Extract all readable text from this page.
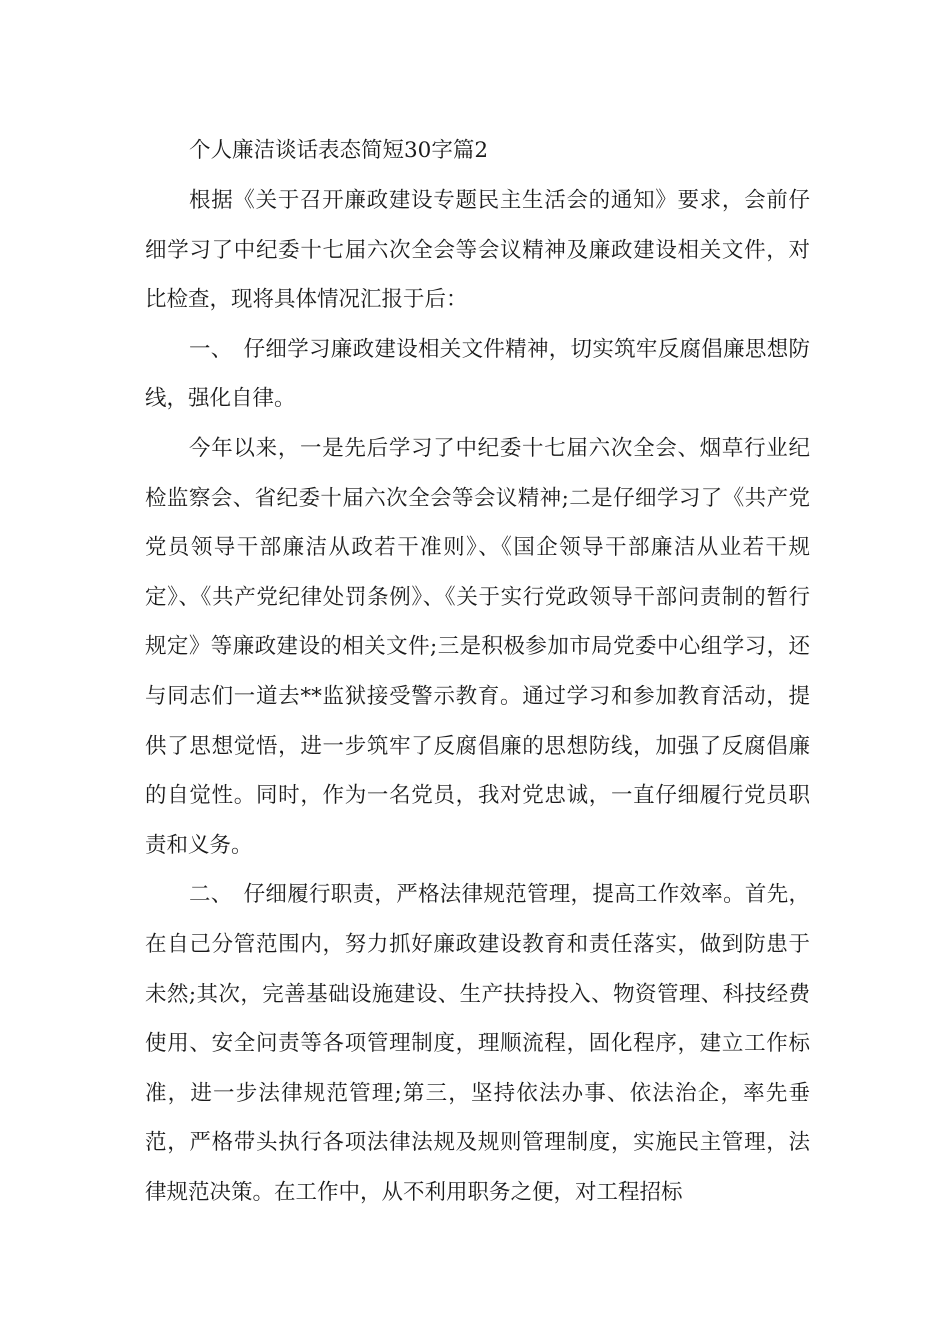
个人廉洁谈话表态简短30字篇2

根据《关于召开廉政建设专题民主生活会的通知》要求，会前仔细学习了中纪委十七届六次全会等会议精神及廉政建设相关文件，对比检查，现将具体情况汇报于后：

一、　仔细学习廉政建设相关文件精神，切实筑牢反腐倡廉思想防线，强化自律。

今年以来，一是先后学习了中纪委十七届六次全会、烟草行业纪检监察会、省纪委十届六次全会等会议精神;二是仔细学习了《共产党党员领导干部廉洁从政若干准则》、《国企领导干部廉洁从业若干规定》、《共产党纪律处罚条例》、《关于实行党政领导干部问责制的暂行规定》等廉政建设的相关文件;三是积极参加市局党委中心组学习，还与同志们一道去**监狱接受警示教育。通过学习和参加教育活动，提供了思想觉悟，进一步筑牢了反腐倡廉的思想防线，加强了反腐倡廉的自觉性。同时，作为一名党员，我对党忠诚，一直仔细履行党员职责和义务。

二、　仔细履行职责，严格法律规范管理，提高工作效率。首先，在自己分管范围内，努力抓好廉政建设教育和责任落实，做到防患于未然;其次，完善基础设施建设、生产扶持投入、物资管理、科技经费使用、安全问责等各项管理制度，理顺流程，固化程序，建立工作标准，进一步法律规范管理;第三，坚持依法办事、依法治企，率先垂范，严格带头执行各项法律法规及规则管理制度，实施民主管理，法律规范决策。在工作中，从不利用职务之便，对工程招标
